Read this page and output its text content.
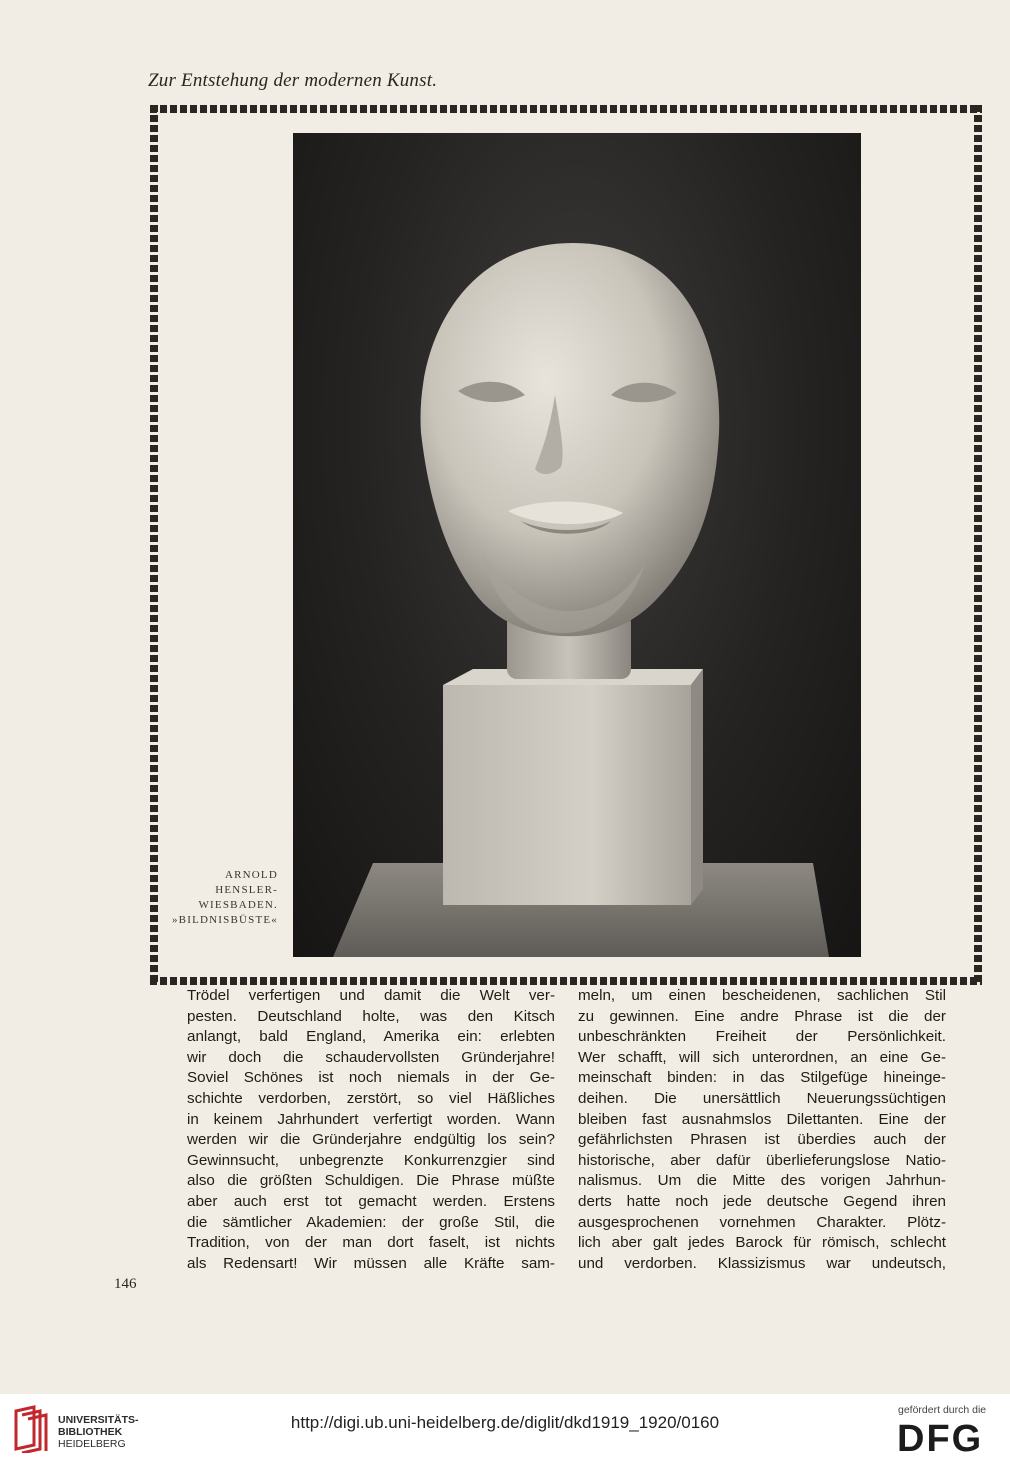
Zur Entstehung der modernen Kunst.
ARNOLD
HENSLER-
WIESBADEN.
»BILDNISBÜSTE«
Trödel verfertigen und damit die Welt ver-
pesten. Deutschland holte, was den Kitsch
anlangt, bald England, Amerika ein: erlebten
wir doch die schaudervollsten Gründerjahre!
Soviel Schönes ist noch niemals in der Ge-
schichte verdorben, zerstört, so viel Häßliches
in keinem Jahrhundert verfertigt worden. Wann
werden wir die Gründerjahre endgültig los sein?
Gewinnsucht, unbegrenzte Konkurrenzgier sind
also die größten Schuldigen. Die Phrase müßte
aber auch erst tot gemacht werden. Erstens
die sämtlicher Akademien: der große Stil, die
Tradition, von der man dort faselt, ist nichts
als Redensart! Wir müssen alle Kräfte sam-
meln, um einen bescheidenen, sachlichen Stil
zu gewinnen. Eine andre Phrase ist die der
unbeschränkten Freiheit der Persönlichkeit.
Wer schafft, will sich unterordnen, an eine Ge-
meinschaft binden: in das Stilgefüge hineinge-
deihen. Die unersättlich Neuerungssüchtigen
bleiben fast ausnahmslos Dilettanten. Eine der
gefährlichsten Phrasen ist überdies auch der
historische, aber dafür überlieferungslose Natio-
nalismus. Um die Mitte des vorigen Jahrhun-
derts hatte noch jede deutsche Gegend ihren
ausgesprochenen vornehmen Charakter. Plötz-
lich aber galt jedes Barock für römisch, schlecht
und verdorben. Klassizismus war undeutsch,
146
UNIVERSITÄTS-
BIBLIOTHEK
HEIDELBERG
http://digi.ub.uni-heidelberg.de/diglit/dkd1919_1920/0160
gefördert durch die
DFG
